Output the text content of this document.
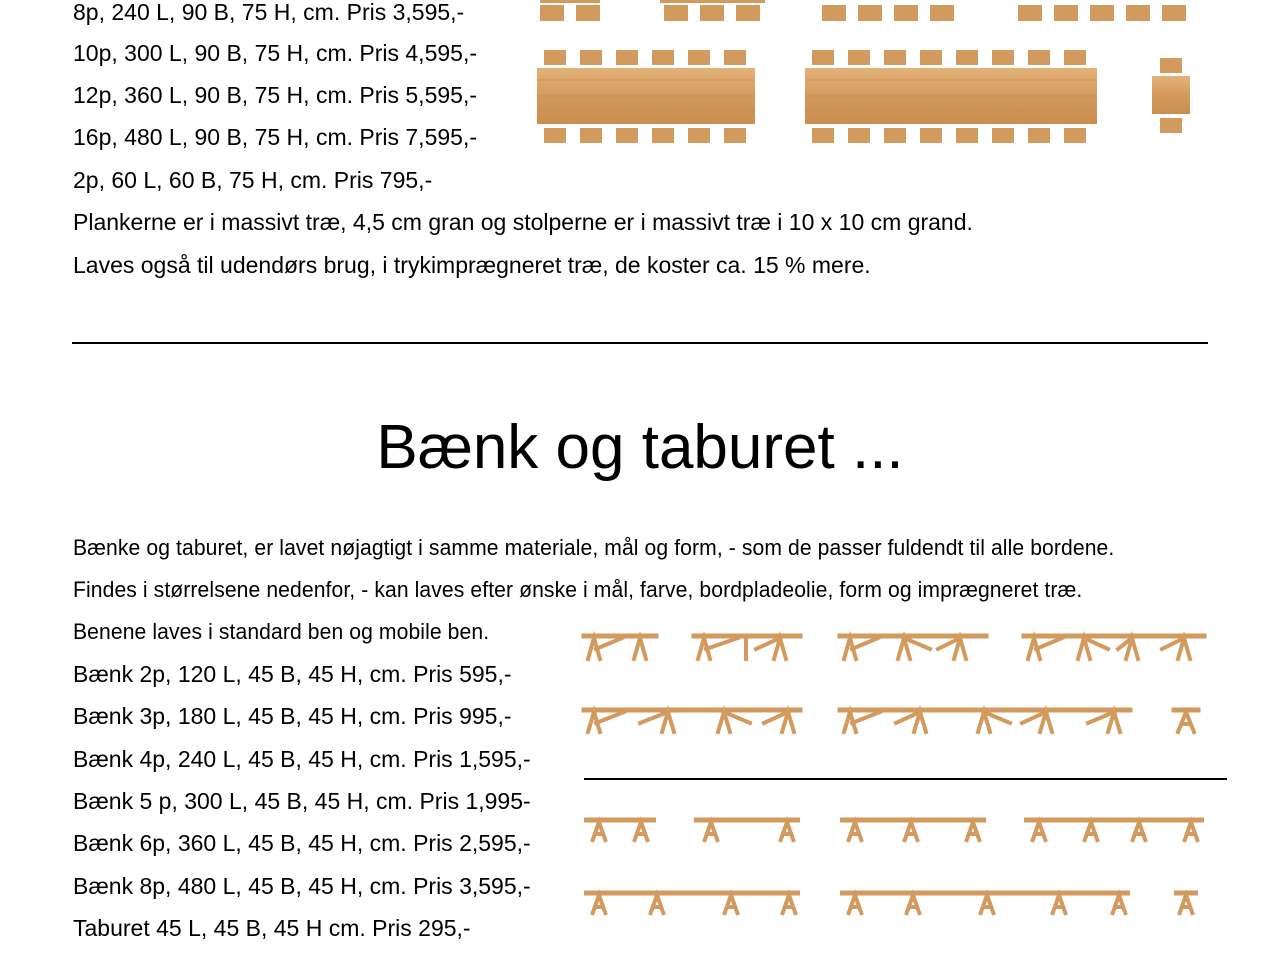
8p, 240 L, 90 B, 75 H, cm. Pris 3,595,-
10p, 300 L, 90 B, 75 H, cm. Pris 4,595,-
12p, 360 L, 90 B, 75 H, cm. Pris 5,595,-
16p, 480 L, 90 B, 75 H, cm. Pris 7,595,-
2p, 60 L, 60 B, 75 H, cm. Pris 795,-
Plankerne er i massivt træ, 4,5 cm gran og stolperne er i massivt træ i 10 x 10 cm grand.
Laves også til udendørs brug, i trykimprægneret træ, de koster ca. 15 % mere.
Bænk og taburet ...
Bænke og taburet, er lavet nøjagtigt i samme materiale, mål og form, - som de passer fuldendt til alle bordene.
Findes i størrelsene nedenfor, - kan laves efter ønske i mål, farve, bordpladeolie, form og imprægneret træ.
Benene laves i standard ben og mobile ben.
Bænk 2p, 120 L, 45 B, 45 H, cm. Pris 595,-
Bænk 3p, 180 L, 45 B, 45 H, cm. Pris 995,-
Bænk 4p, 240 L, 45 B, 45 H, cm. Pris 1,595,-
Bænk 5 p, 300 L, 45 B, 45 H, cm. Pris 1,995-
Bænk 6p, 360 L, 45 B, 45 H, cm. Pris 2,595,-
Bænk 8p, 480 L, 45 B, 45 H, cm. Pris 3,595,-
Taburet 45 L, 45 B, 45 H cm. Pris 295,-
